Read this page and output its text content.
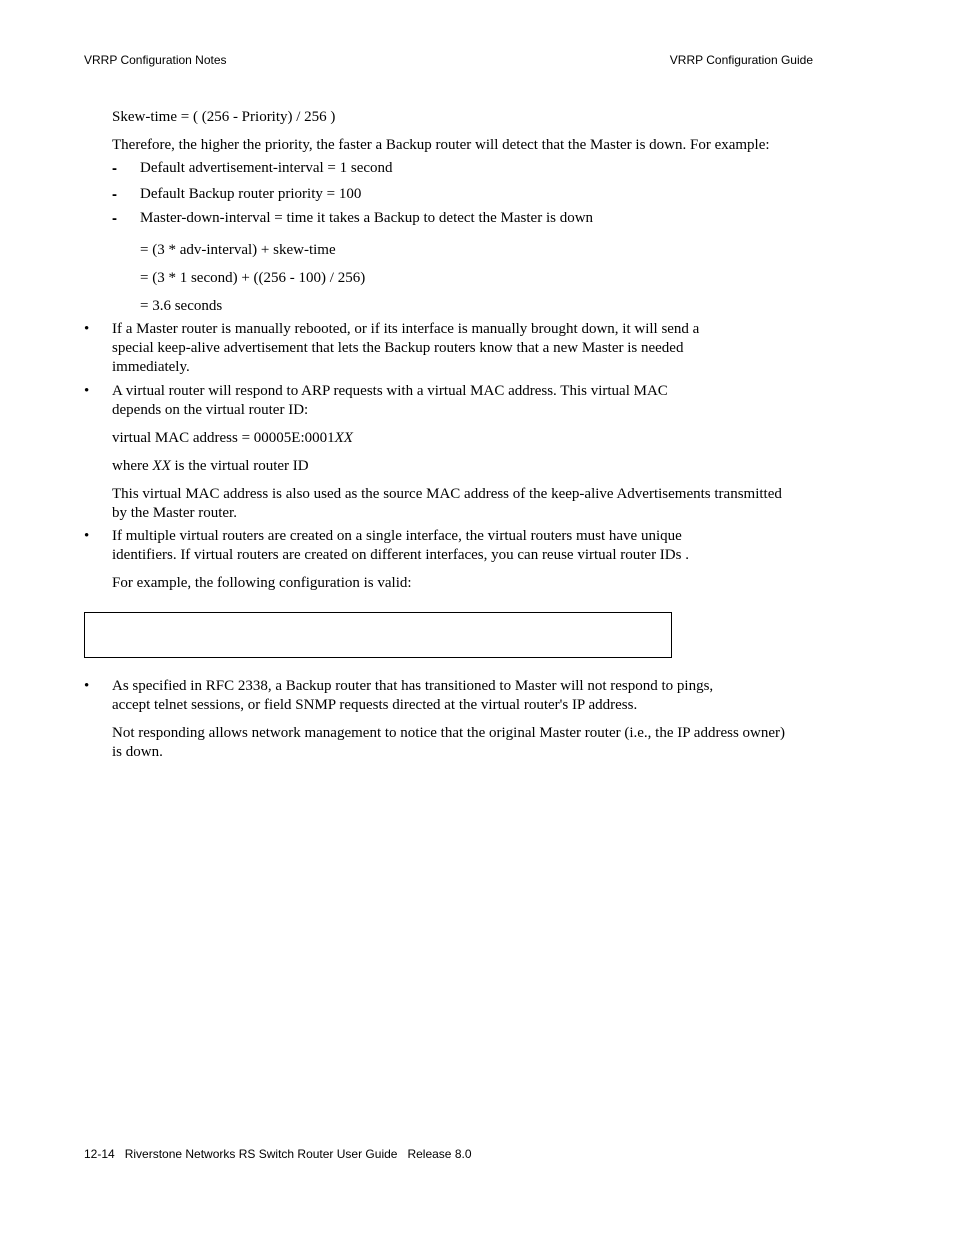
VRRP Configuration Notes	VRRP Configuration Guide
Skew-time = ( (256 - Priority) / 256 )
Therefore, the higher the priority, the faster a Backup router will detect that the Master is down. For example:
- Default advertisement-interval = 1 second
- Default Backup router priority = 100
- Master-down-interval = time it takes a Backup to detect the Master is down
= (3 * adv-interval) + skew-time
= (3 * 1 second) + ((256 - 100) / 256)
= 3.6 seconds
• If a Master router is manually rebooted, or if its interface is manually brought down, it will send a
special keep-alive advertisement that lets the Backup routers know that a new Master is needed
immediately.
• A virtual router will respond to ARP requests with a virtual MAC address. This virtual MAC
depends on the virtual router ID:
virtual MAC address = 00005E:0001XX
where XX is the virtual router ID
This virtual MAC address is also used as the source MAC address of the keep-alive Advertisements transmitted
by the Master router.
• If multiple virtual routers are created on a single interface, the virtual routers must have unique
identifiers. If virtual routers are created on different interfaces, you can reuse virtual router IDs .
For example, the following configuration is valid:
• As specified in RFC 2338, a Backup router that has transitioned to Master will not respond to pings,
accept telnet sessions, or field SNMP requests directed at the virtual router's IP address.
Not responding allows network management to notice that the original Master router (i.e., the IP address owner)
is down.
12-14   Riverstone Networks RS Switch Router User Guide   Release 8.0
